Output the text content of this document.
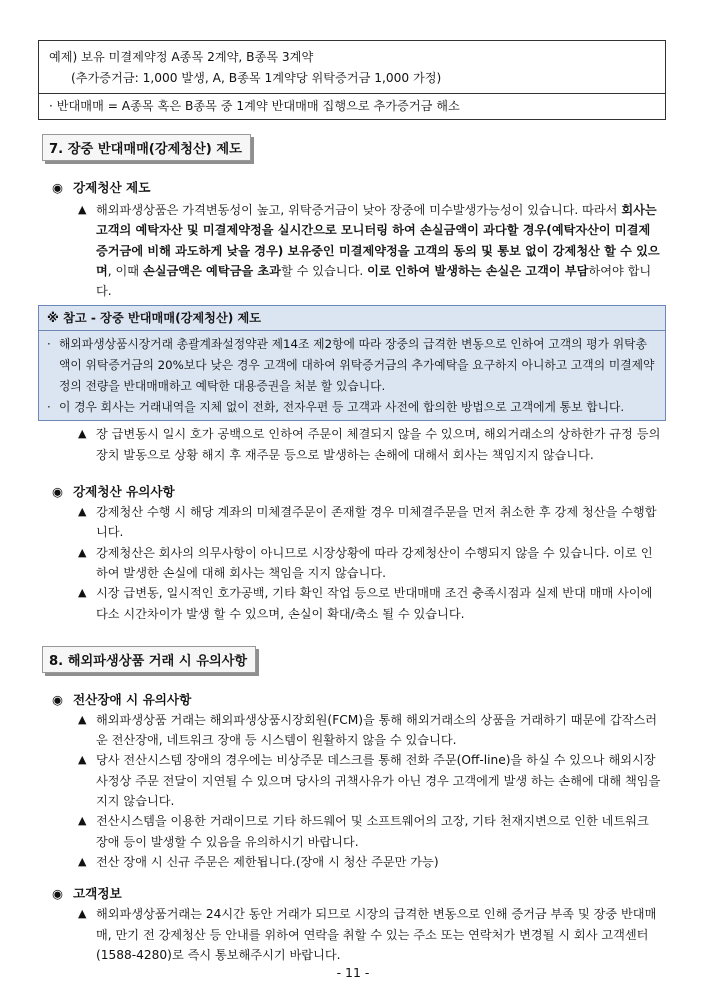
예제) 보유 미결제약정 A종목 2계약, B종목 3계약
(추가증거금: 1,000 발생, A, B종목 1계약당 위탁증거금 1,000 가정)
· 반대매매 = A종목 혹은 B종목 중 1계약 반대매매 집행으로 추가증거금 해소
7. 장중 반대매매(강제청산) 제도
◉ 강제청산 제도
▲ 해외파생상품은 가격변동성이 높고, 위탁증거금이 낮아 장중에 미수발생가능성이 있습니다. 따라서 회사는 고객의 예탁자산 및 미결제약정을 실시간으로 모니터링 하여 손실금액이 과다할 경우(예탁자산이 미결제증거금에 비해 과도하게 낮을 경우) 보유중인 미결제약정을 고객의 동의 및 통보 없이 강제청산 할 수 있으며, 이때 손실금액은 예탁금을 초과할 수 있습니다. 이로 인하여 발생하는 손실은 고객이 부담하여야 합니다.
※ 참고 - 장중 반대매매(강제청산) 제도
· 해외파생상품시장거래 총괄계좌설정약관 제14조 제2항에 따라 장중의 급격한 변동으로 인하여 고객의 평가 위탁총액이 위탁증거금의 20%보다 낮은 경우 고객에 대하여 위탁증거금의 추가예탁을 요구하지 아니하고 고객의 미결제약정의 전량을 반대매매하고 예탁한 대용증권을 처분 할 있습니다.
· 이 경우 회사는 거래내역을 지체 없이 전화, 전자우편 등 고객과 사전에 합의한 방법으로 고객에게 통보 합니다.
▲ 장 급변동시 일시 호가 공백으로 인하여 주문이 체결되지 않을 수 있으며, 해외거래소의 상하한가 규정 등의 장치 발동으로 상황 해지 후 재주문 등으로 발생하는 손해에 대해서 회사는 책임지지 않습니다.
◉ 강제청산 유의사항
▲ 강제청산 수행 시 해당 계좌의 미체결주문이 존재할 경우 미체결주문을 먼저 취소한 후 강제 청산을 수행합니다.
▲ 강제청산은 회사의 의무사항이 아니므로 시장상황에 따라 강제청산이 수행되지 않을 수 있습니다. 이로 인하여 발생한 손실에 대해 회사는 책임을 지지 않습니다.
▲ 시장 급변동, 일시적인 호가공백, 기타 확인 작업 등으로 반대매매 조건 충족시점과 실제 반대 매매 사이에 다소 시간차이가 발생 할 수 있으며, 손실이 확대/축소 될 수 있습니다.
8. 해외파생상품 거래 시 유의사항
◉ 전산장애 시 유의사항
▲ 해외파생상품 거래는 해외파생상품시장회원(FCM)을 통해 해외거래소의 상품을 거래하기 때문에 갑작스러운 전산장애, 네트워크 장애 등 시스템이 원활하지 않을 수 있습니다.
▲ 당사 전산시스템 장애의 경우에는 비상주문 데스크를 통해 전화 주문(Off-line)을 하실 수 있으나 해외시장 사정상 주문 전달이 지연될 수 있으며 당사의 귀책사유가 아닌 경우 고객에게 발생 하는 손해에 대해 책임을 지지 않습니다.
▲ 전산시스템을 이용한 거래이므로 기타 하드웨어 및 소프트웨어의 고장, 기타 천재지변으로 인한 네트워크 장애 등이 발생할 수 있음을 유의하시기 바랍니다.
▲ 전산 장애 시 신규 주문은 제한됩니다.(장애 시 청산 주문만 가능)
◉ 고객정보
▲ 해외파생상품거래는 24시간 동안 거래가 되므로 시장의 급격한 변동으로 인해 증거금 부족 및 장중 반대매매, 만기 전 강제청산 등 안내를 위하여 연락을 취할 수 있는 주소 또는 연락처가 변경될 시 회사 고객센터(1588-4280)로 즉시 통보해주시기 바랍니다.
- 11 -
